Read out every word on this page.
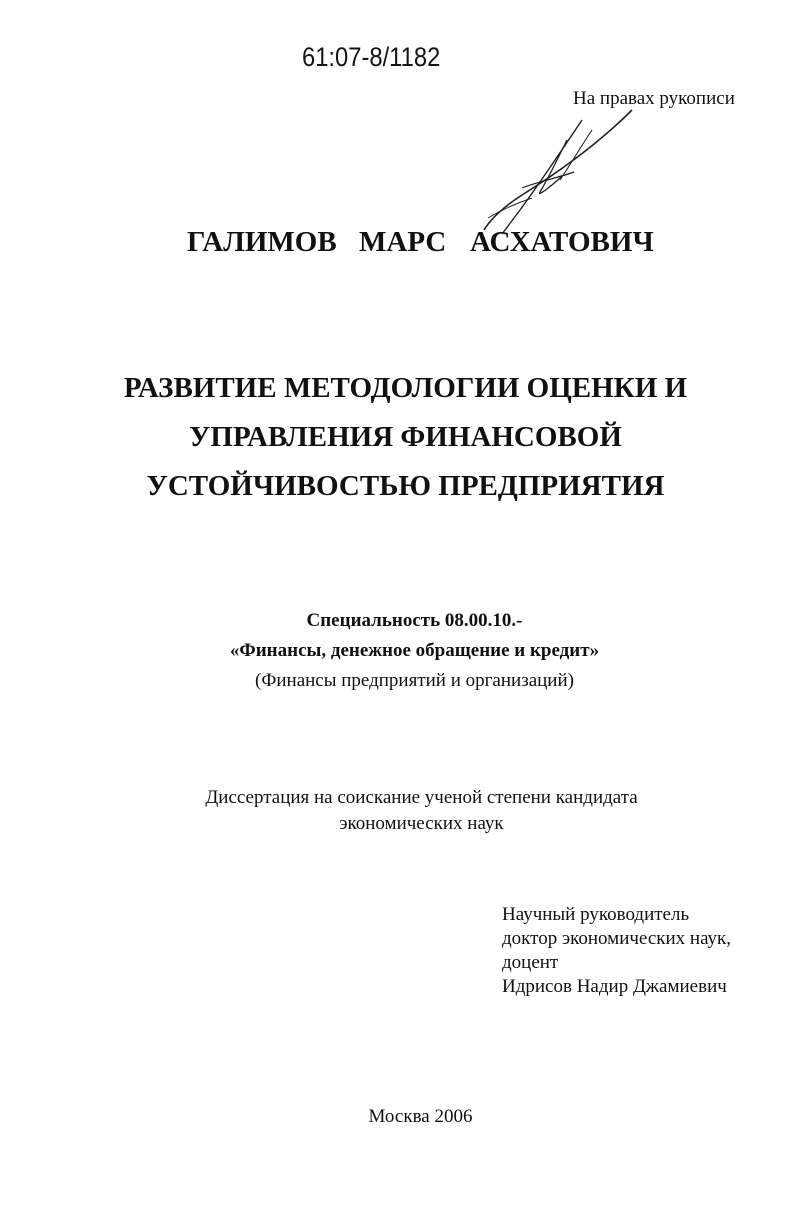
61:07-8/1182
На правах рукописи
ГАЛИМОВ МАРС АСХАТОВИЧ
РАЗВИТИЕ МЕТОДОЛОГИИ ОЦЕНКИ И
УПРАВЛЕНИЯ ФИНАНСОВОЙ
УСТОЙЧИВОСТЬЮ ПРЕДПРИЯТИЯ
Специальность 08.00.10.-
«Финансы, денежное обращение и кредит»
(Финансы предприятий и организаций)
Диссертация на соискание ученой степени кандидата
экономических наук
Научный руководитель
доктор экономических наук,
доцент
Идрисов Надир Джамиевич
Москва 2006
